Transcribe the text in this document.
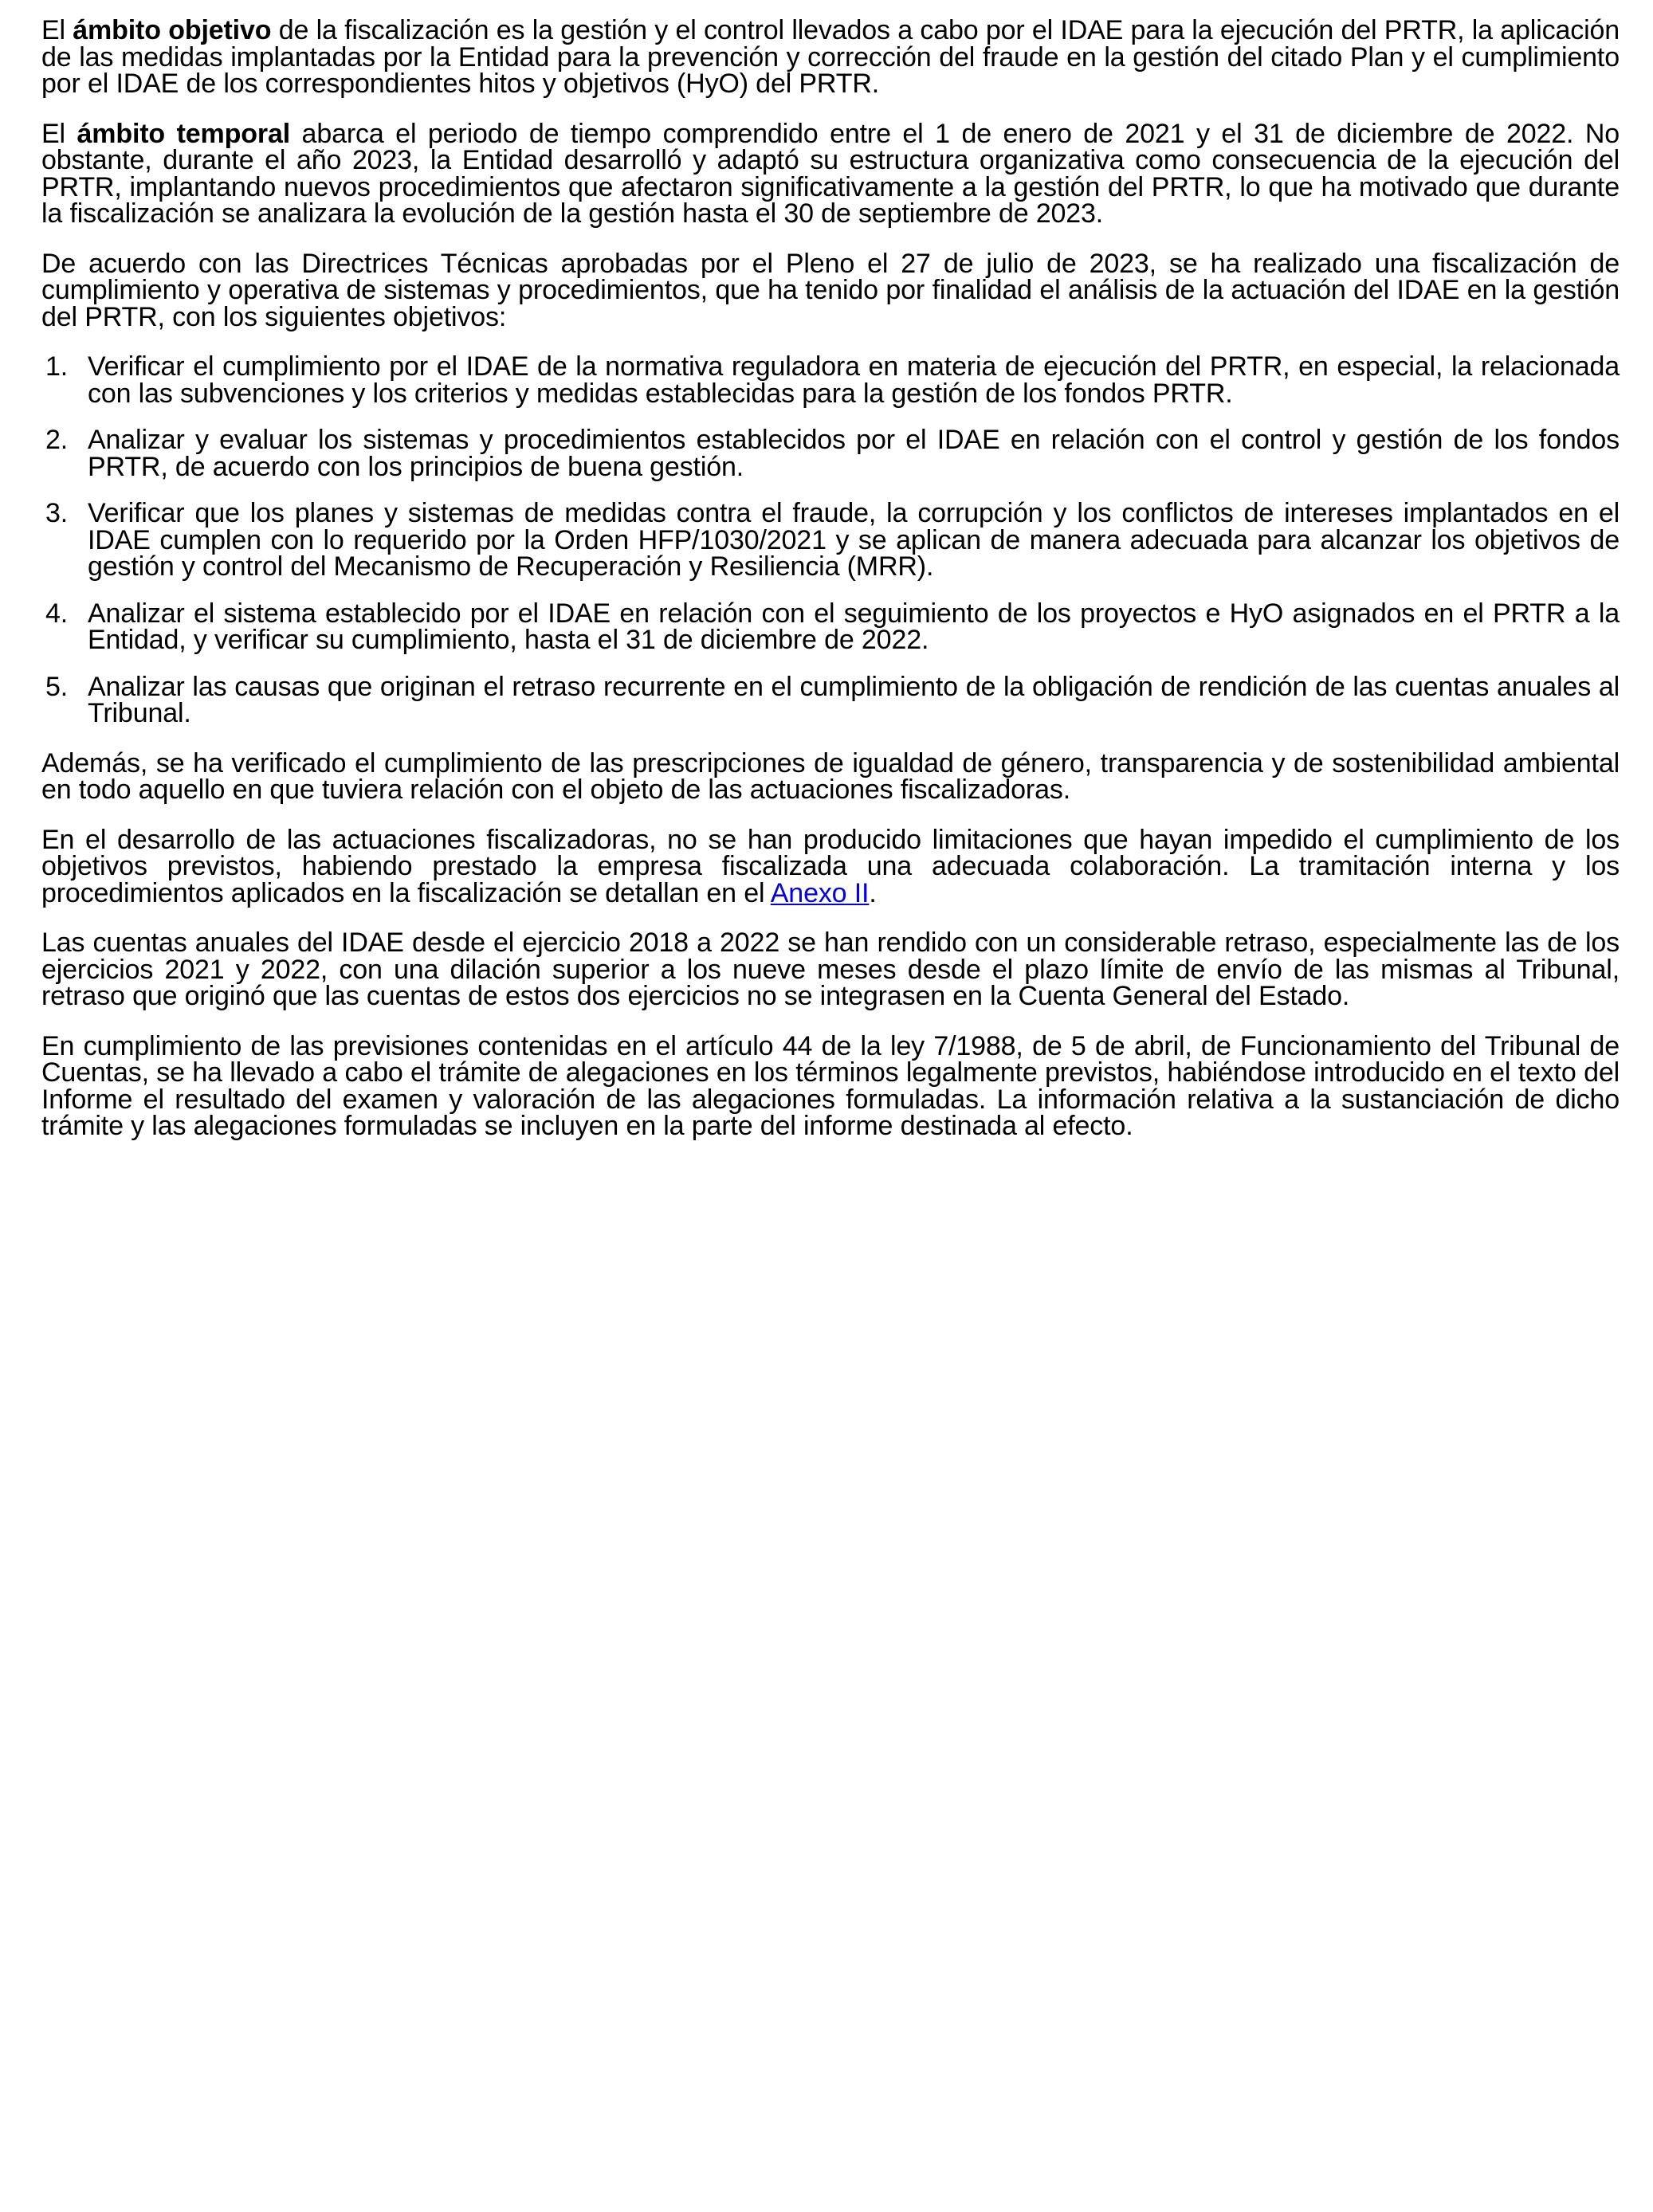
El ámbito objetivo de la fiscalización es la gestión y el control llevados a cabo por el IDAE para la ejecución del PRTR, la aplicación de las medidas implantadas por la Entidad para la prevención y corrección del fraude en la gestión del citado Plan y el cumplimiento por el IDAE de los correspondientes hitos y objetivos (HyO) del PRTR.

El ámbito temporal abarca el periodo de tiempo comprendido entre el 1 de enero de 2021 y el 31 de diciembre de 2022. No obstante, durante el año 2023, la Entidad desarrolló y adaptó su estructura organizativa como consecuencia de la ejecución del PRTR, implantando nuevos procedimientos que afectaron significativamente a la gestión del PRTR, lo que ha motivado que durante la fiscalización se analizara la evolución de la gestión hasta el 30 de septiembre de 2023.

De acuerdo con las Directrices Técnicas aprobadas por el Pleno el 27 de julio de 2023, se ha realizado una fiscalización de cumplimiento y operativa de sistemas y procedimientos, que ha tenido por finalidad el análisis de la actuación del IDAE en la gestión del PRTR, con los siguientes objetivos:

1. Verificar el cumplimiento por el IDAE de la normativa reguladora en materia de ejecución del PRTR, en especial, la relacionada con las subvenciones y los criterios y medidas establecidas para la gestión de los fondos PRTR.
2. Analizar y evaluar los sistemas y procedimientos establecidos por el IDAE en relación con el control y gestión de los fondos PRTR, de acuerdo con los principios de buena gestión.
3. Verificar que los planes y sistemas de medidas contra el fraude, la corrupción y los conflictos de intereses implantados en el IDAE cumplen con lo requerido por la Orden HFP/1030/2021 y se aplican de manera adecuada para alcanzar los objetivos de gestión y control del Mecanismo de Recuperación y Resiliencia (MRR).
4. Analizar el sistema establecido por el IDAE en relación con el seguimiento de los proyectos e HyO asignados en el PRTR a la Entidad, y verificar su cumplimiento, hasta el 31 de diciembre de 2022.
5. Analizar las causas que originan el retraso recurrente en el cumplimiento de la obligación de rendición de las cuentas anuales al Tribunal.

Además, se ha verificado el cumplimiento de las prescripciones de igualdad de género, transparencia y de sostenibilidad ambiental en todo aquello en que tuviera relación con el objeto de las actuaciones fiscalizadoras.

En el desarrollo de las actuaciones fiscalizadoras, no se han producido limitaciones que hayan impedido el cumplimiento de los objetivos previstos, habiendo prestado la empresa fiscalizada una adecuada colaboración. La tramitación interna y los procedimientos aplicados en la fiscalización se detallan en el Anexo II.

Las cuentas anuales del IDAE desde el ejercicio 2018 a 2022 se han rendido con un considerable retraso, especialmente las de los ejercicios 2021 y 2022, con una dilación superior a los nueve meses desde el plazo límite de envío de las mismas al Tribunal, retraso que originó que las cuentas de estos dos ejercicios no se integrasen en la Cuenta General del Estado.

En cumplimiento de las previsiones contenidas en el artículo 44 de la ley 7/1988, de 5 de abril, de Funcionamiento del Tribunal de Cuentas, se ha llevado a cabo el trámite de alegaciones en los términos legalmente previstos, habiéndose introducido en el texto del Informe el resultado del examen y valoración de las alegaciones formuladas. La información relativa a la sustanciación de dicho trámite y las alegaciones formuladas se incluyen en la parte del informe destinada al efecto.
